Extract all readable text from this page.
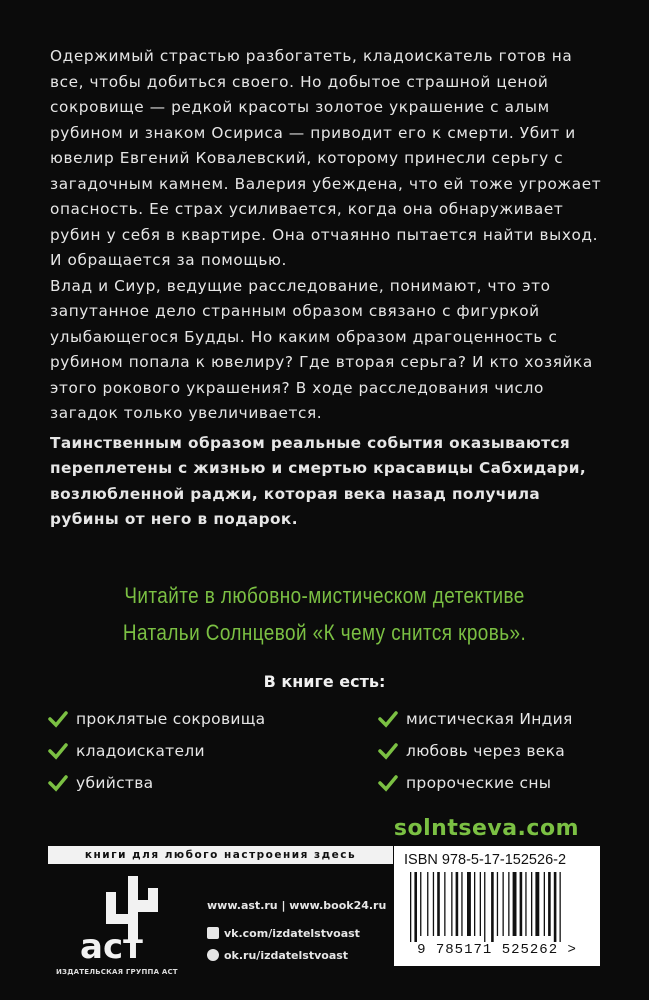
Одержимый страстью разбогатеть, кладоискатель готов на все, чтобы добиться своего. Но добытое страшной ценой сокровище — редкой красоты золотое украшение с алым рубином и знаком Осириса — приводит его к смерти. Убит и ювелир Евгений Ковалевский, которому принесли серьгу с загадочным камнем. Валерия убеждена, что ей тоже угрожает опасность. Ее страх усиливается, когда она обнаруживает рубин у себя в квартире. Она отчаянно пытается найти выход. И обращается за помощью.

Влад и Сиур, ведущие расследование, понимают, что это запутанное дело странным образом связано с фигуркой улыбающегося Будды. Но каким образом драгоценность с рубином попала к ювелиру? Где вторая серьга? И кто хозяйка этого рокового украшения? В ходе расследования число загадок только увеличивается.

Таинственным образом реальные события оказываются переплетены с жизнью и смертью красавицы Сабхидари, возлюбленной раджи, которая века назад получила рубины от него в подарок.

Читайте в любовно-мистическом детективе
Натальи Солнцевой «К чему снится кровь».
В книге есть:
проклятые сокровища
кладоискатели
убийства
мистическая Индия
любовь через века
пророческие сны
solntseva.com
книги для любого настроения здесь
аст
ИЗДАТЕЛЬСКАЯ ГРУППА АСТ
www.ast.ru | www.book24.ru
vk.com/izdatelstvoast
ok.ru/izdatelstvoast
ISBN 978-5-17-152526-2
9 785171 525262 >
